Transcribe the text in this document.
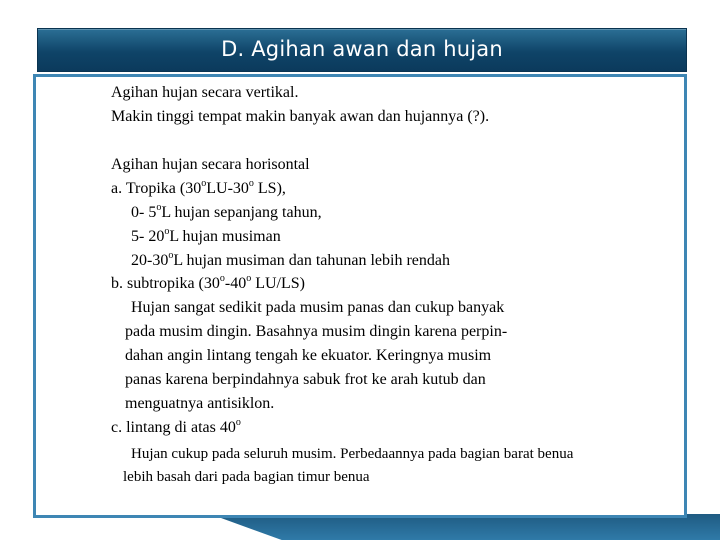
D. Agihan awan dan hujan
Agihan hujan secara vertikal.
Makin tinggi tempat makin banyak awan dan hujannya (?).
Agihan hujan secara horisontal
a. Tropika (30$^o$LU-30$^o$ LS),
0- 5$^o$L hujan sepanjang tahun,
5- 20$^o$L hujan musiman
20-30$^o$L hujan musiman dan tahunan lebih rendah
b. subtropika (30$^o$-40$^o$ LU/LS)
Hujan sangat sedikit pada musim panas dan cukup banyak
pada musim dingin. Basahnya musim dingin karena perpin-
dahan angin lintang tengah ke ekuator. Keringnya musim
panas karena berpindahnya sabuk frot ke arah kutub dan
menguatnya antisiklon.
c. lintang di atas 40$^o$
Hujan cukup pada seluruh musim. Perbedaannya pada bagian barat benua
lebih basah dari pada bagian timur benua
